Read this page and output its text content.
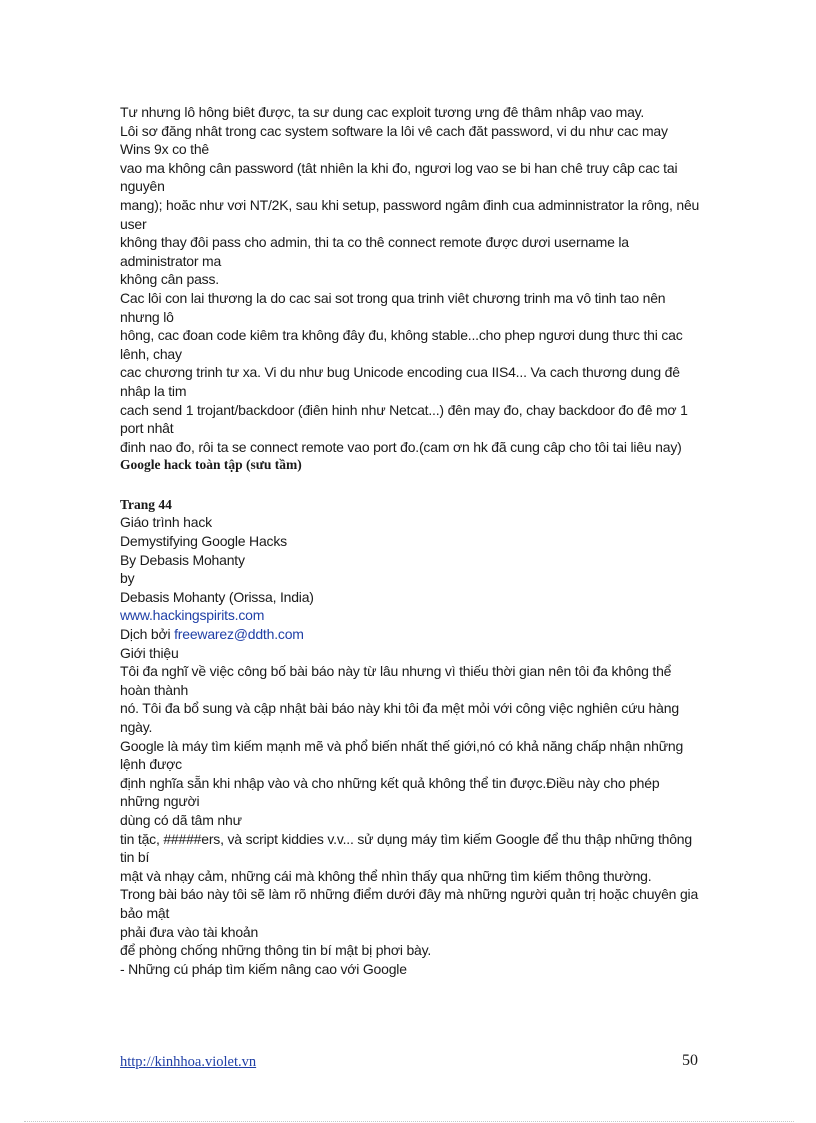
Tư nhưng lô hông biêt được, ta sư dung cac exploit tương ưng đê thâm nhâp vao may.
Lôi sơ đăng nhât trong cac system software la lôi vê cach đăt password, vi du như cac may Wins 9x co thê
vao ma không cân password (tât nhiên la khi đo, ngươi log vao se bi han chê truy câp cac tai nguyên
mang); hoăc như vơi NT/2K, sau khi setup, password ngâm đinh cua adminnistrator la rông, nêu user
không thay đôi pass cho admin, thi ta co thê connect remote được dươi username la administrator ma
không cân pass.
Cac lôi con lai thương la do cac sai sot trong qua trinh viêt chương trinh ma vô tinh tao nên nhưng lô
hông, cac đoan code kiêm tra không đây đu, không stable...cho phep ngươi dung thưc thi cac lênh, chay
cac chương trinh tư xa. Vi du như bug Unicode encoding cua IIS4... Va cach thương dung đê nhâp la tim
cach send 1 trojant/backdoor (điên hinh như Netcat...) đên may đo, chay backdoor đo đê mơ 1 port nhât
đinh nao đo, rôi ta se connect remote vao port đo.(cam ơn hk đã cung câp cho tôi tai liêu nay)
Google hack toàn tập (sưu tầm)
Trang 44
Giáo trình hack
Demystifying Google Hacks
By Debasis Mohanty
by
Debasis Mohanty (Orissa, India)
www.hackingspirits.com
Dịch bởi freewarez@ddth.com
Giới thiệu
Tôi đa nghĩ về việc công bố bài báo này từ lâu nhưng vì thiếu thời gian nên tôi đa không thể hoàn thành
nó. Tôi đa bổ sung và cập nhật bài báo này khi tôi đa mệt mỏi với công việc nghiên cứu hàng ngày.
Google là máy tìm kiếm mạnh mẽ và phổ biến nhất thế giới,nó có khả năng chấp nhận những lệnh được
định nghĩa sẵn khi nhập vào và cho những kết quả không thể tin được.Điều này cho phép những người
dùng có dã tâm như
tin tặc, #####ers, và script kiddies v.v... sử dụng máy tìm kiếm Google để thu thập những thông tin bí
mật và nhạy cảm, những cái mà không thể nhìn thấy qua những tìm kiếm thông thường.
Trong bài báo này tôi sẽ làm rõ những điểm dưới đây mà những người quản trị hoặc chuyên gia bảo mật
phải đưa vào tài khoản
để phòng chống những thông tin bí mật bị phơi bày.
- Những cú pháp tìm kiếm nâng cao với Google
http://kinhhoa.violet.vn	50
